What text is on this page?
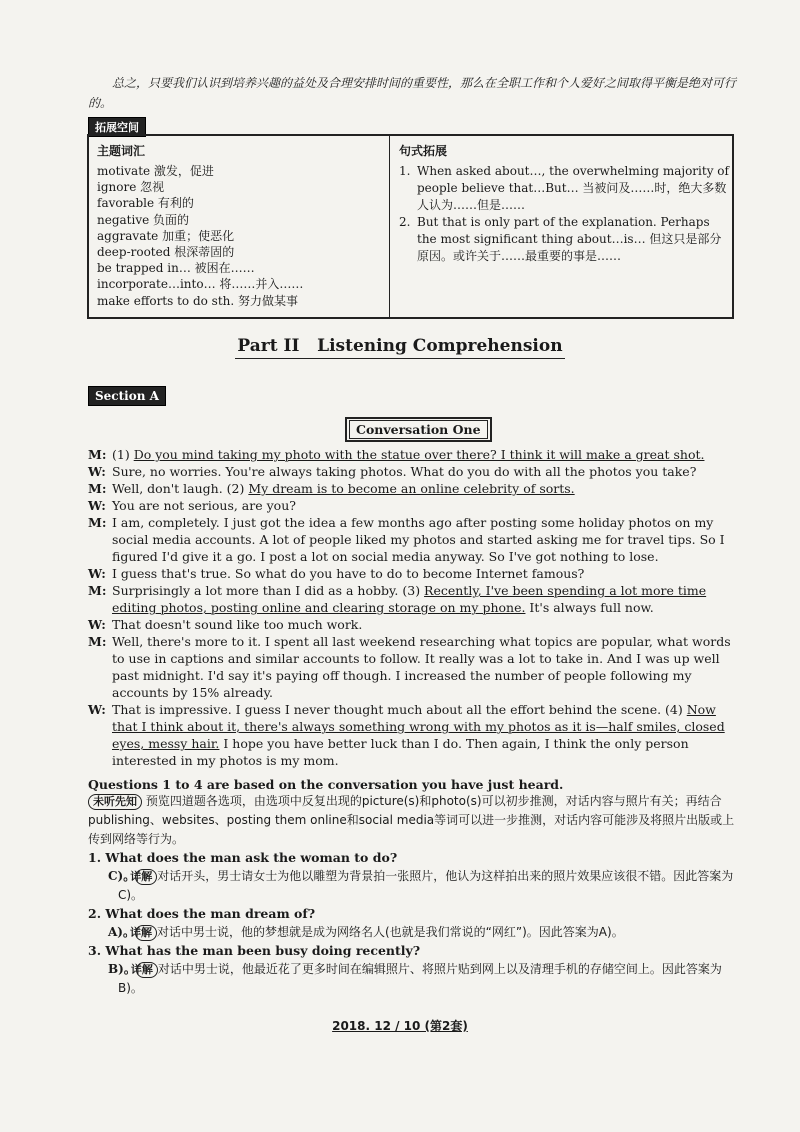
总之，只要我们认识到培养兴趣的益处及合理安排时间的重要性，那么在全职工作和个人爱好之间取得平衡是绝对可行的。
拓展空间
主题词汇
motivate 激发，促进
ignore 忽视
favorable 有利的
negative 负面的
aggravate 加重；使恶化
deep-rooted 根深蒂固的
be trapped in… 被困在……
incorporate…into… 将……并入……
make efforts to do sth. 努力做某事
句式拓展
1. When asked about…, the overwhelming majority of people believe that…But… 当被问及……时，绝大多数人认为……但是……
2. But that is only part of the explanation. Perhaps the most significant thing about…is… 但这只是部分原因。或许关于……最重要的事是……
Part II   Listening Comprehension
Section A
Conversation One
M: (1) Do you mind taking my photo with the statue over there? I think it will make a great shot.
W: Sure, no worries. You're always taking photos. What do you do with all the photos you take?
M: Well, don't laugh. (2) My dream is to become an online celebrity of sorts.
W: You are not serious, are you?
M: I am, completely. I just got the idea a few months ago after posting some holiday photos on my social media accounts. A lot of people liked my photos and started asking me for travel tips. So I figured I'd give it a go. I post a lot on social media anyway. So I've got nothing to lose.
W: I guess that's true. So what do you have to do to become Internet famous?
M: Surprisingly a lot more than I did as a hobby. (3) Recently, I've been spending a lot more time editing photos, posting online and clearing storage on my phone. It's always full now.
W: That doesn't sound like too much work.
M: Well, there's more to it. I spent all last weekend researching what topics are popular, what words to use in captions and similar accounts to follow. It really was a lot to take in. And I was up well past midnight. I'd say it's paying off though. I increased the number of people following my accounts by 15% already.
W: That is impressive. I guess I never thought much about all the effort behind the scene. (4) Now that I think about it, there's always something wrong with my photos as it is—half smiles, closed eyes, messy hair. I hope you have better luck than I do. Then again, I think the only person interested in my photos is my mom.
Questions 1 to 4 are based on the conversation you have just heard.
未听先知 预览四道题各选项，由选项中反复出现的picture(s)和photo(s)可以初步推测，对话内容与照片有关；再结合publishing、websites、posting them online和social media等词可以进一步推测，对话内容可能涉及将照片出版或上传到网络等行为。
1. What does the man ask the woman to do?
C)。详解 对话开头，男士请女士为他以雕塑为背景拍一张照片，他认为这样拍出来的照片效果应该很不错。因此答案为C)。
2. What does the man dream of?
A)。详解 对话中男士说，他的梦想就是成为网络名人(也就是我们常说的“网红”)。因此答案为A)。
3. What has the man been busy doing recently?
B)。详解 对话中男士说，他最近花了更多时间在编辑照片、将照片贴到网上以及清理手机的存储空间上。因此答案为B)。
2018. 12 / 10 (第2套)
